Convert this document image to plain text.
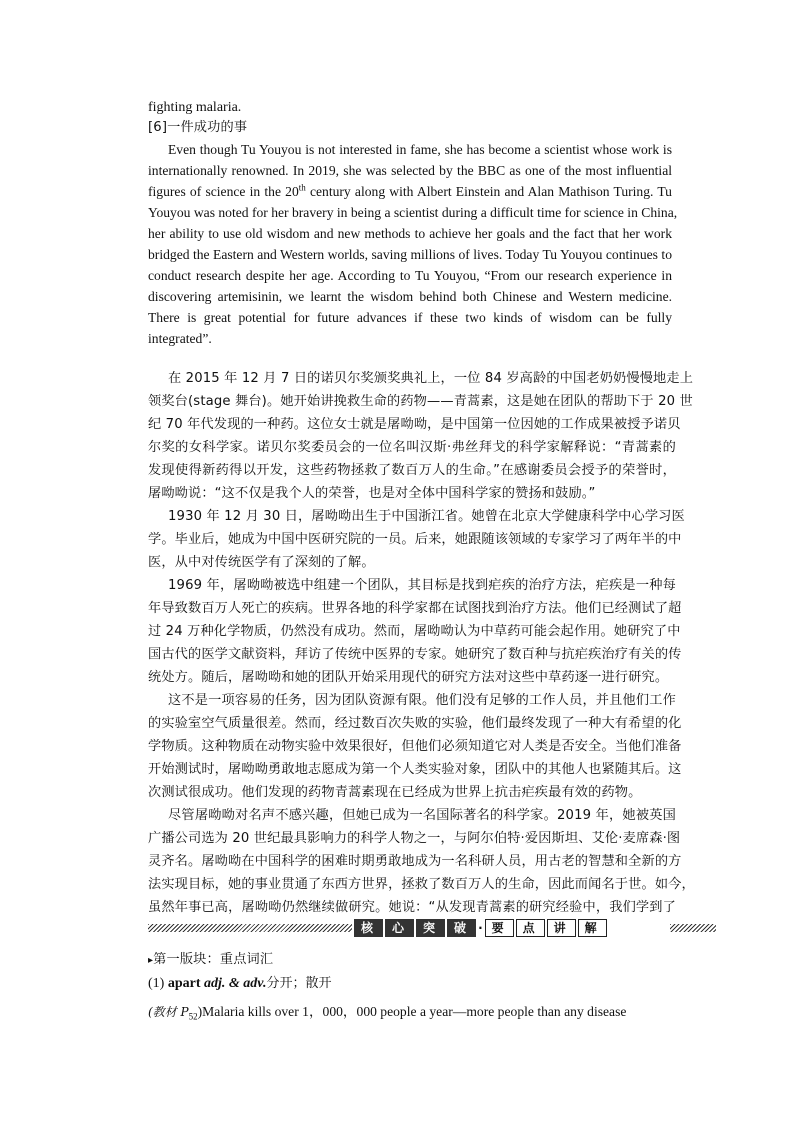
fighting malaria.
[6]一件成功的事
Even though Tu Youyou is not interested in fame, she has become a scientist whose work is
internationally renowned. In 2019, she was selected by the BBC as one of the most influential
figures of science in the 20th century along with Albert Einstein and Alan Mathison Turing. Tu
Youyou was noted for her bravery in being a scientist during a difficult time for science in China,
her ability to use old wisdom and new methods to achieve her goals and the fact that her work
bridged the Eastern and Western worlds, saving millions of lives. Today Tu Youyou continues to
conduct research despite her age. According to Tu Youyou, “From our research experience in
discovering artemisinin, we learnt the wisdom behind both Chinese and Western medicine.
There is great potential for future advances if these two kinds of wisdom can be fully
integrated”.
在 2015 年 12 月 7 日的诺贝尔奖颁奖典礼上，一位 84 岁高龄的中国老奶奶慢慢地走上
领奖台(stage 舞台)。她开始讲挽救生命的药物——青蒿素，这是她在团队的帮助下于 20 世
纪 70 年代发现的一种药。这位女士就是屠呦呦，是中国第一位因她的工作成果被授予诺贝
尔奖的女科学家。诺贝尔奖委员会的一位名叫汉斯·弗丝拜戈的科学家解释说：“青蒿素的
发现使得新药得以开发，这些药物拯救了数百万人的生命。”在感谢委员会授予的荣誉时，
屠呦呦说：“这不仅是我个人的荣誉，也是对全体中国科学家的赞扬和鼓励。”
1930 年 12 月 30 日，屠呦呦出生于中国浙江省。她曾在北京大学健康科学中心学习医
学。毕业后，她成为中国中医研究院的一员。后来，她跟随该领域的专家学习了两年半的中
医，从中对传统医学有了深刻的了解。
1969 年，屠呦呦被选中组建一个团队，其目标是找到疟疾的治疗方法，疟疾是一种每
年导致数百万人死亡的疾病。世界各地的科学家都在试图找到治疗方法。他们已经测试了超
过 24 万种化学物质，仍然没有成功。然而，屠呦呦认为中草药可能会起作用。她研究了中
国古代的医学文献资料，拜访了传统中医界的专家。她研究了数百种与抗疟疾治疗有关的传
统处方。随后，屠呦呦和她的团队开始采用现代的研究方法对这些中草药逐一进行研究。
这不是一项容易的任务，因为团队资源有限。他们没有足够的工作人员，并且他们工作
的实验室空气质量很差。然而，经过数百次失败的实验，他们最终发现了一种大有希望的化
学物质。这种物质在动物实验中效果很好，但他们必须知道它对人类是否安全。当他们准备
开始测试时，屠呦呦勇敢地志愿成为第一个人类实验对象，团队中的其他人也紧随其后。这
次测试很成功。他们发现的药物青蒿素现在已经成为世界上抗击疟疾最有效的药物。
尽管屠呦呦对名声不感兴趣，但她已成为一名国际著名的科学家。2019 年，她被英国
广播公司选为 20 世纪最具影响力的科学人物之一，与阿尔伯特·爱因斯坦、艾伦·麦席森·图
灵齐名。屠呦呦在中国科学的困难时期勇敢地成为一名科研人员，用古老的智慧和全新的方
法实现目标，她的事业贯通了东西方世界，拯救了数百万人的生命，因此而闻名于世。如今，
虽然年事已高，屠呦呦仍然继续做研究。她说：“从发现青蒿素的研究经验中，我们学到了
核	心	突	破 · 要	点	讲	解
▸第一版块：重点词汇
(1) apart adj. & adv.分开；散开
(教材 $P_{52})Malaria$ kills over 1，000，000 people a year—more people than any disease
